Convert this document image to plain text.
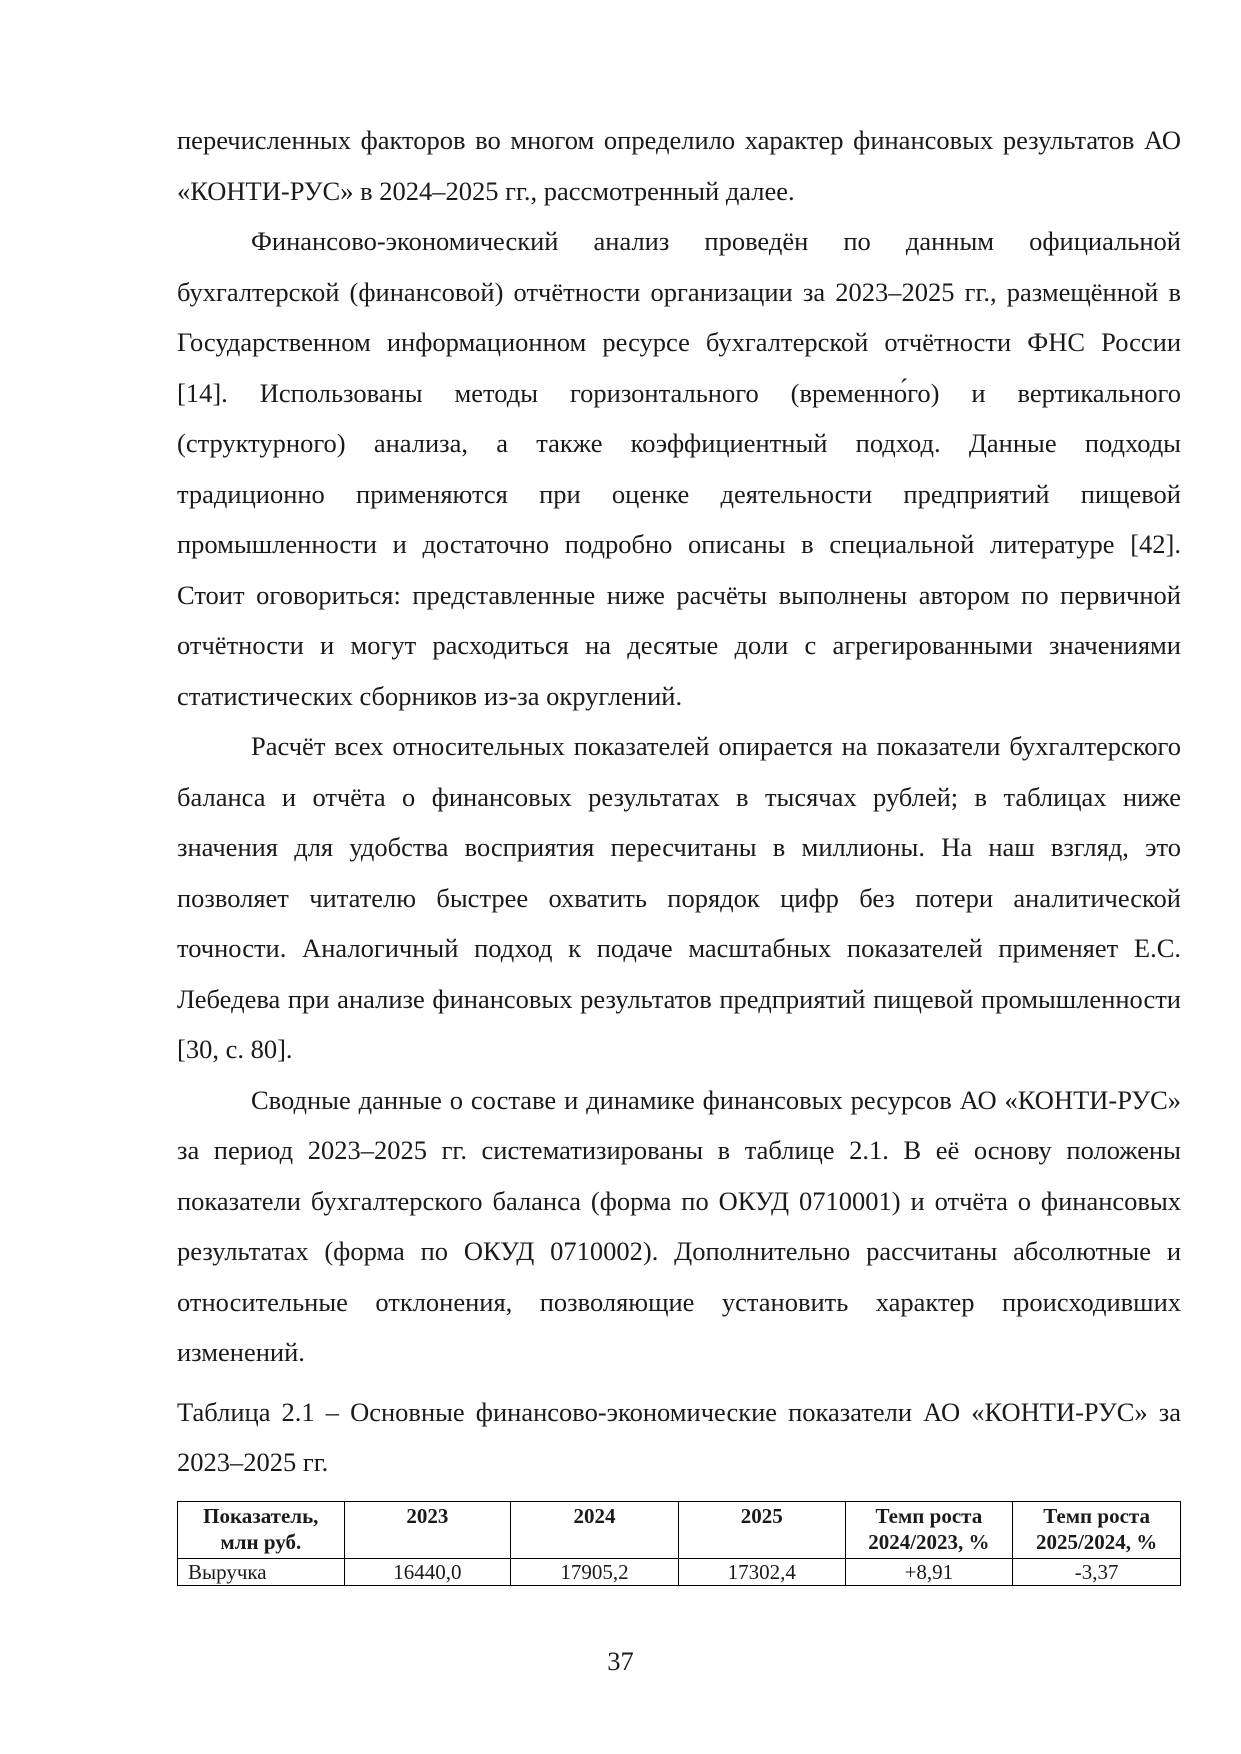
перечисленных факторов во многом определило характер финансовых результатов АО «КОНТИ-РУС» в 2024–2025 гг., рассмотренный далее.

Финансово-экономический анализ проведён по данным официальной бухгалтерской (финансовой) отчётности организации за 2023–2025 гг., размещённой в Государственном информационном ресурсе бухгалтерской отчётности ФНС России [14]. Использованы методы горизонтального (временно́го) и вертикального (структурного) анализа, а также коэффициентный подход. Данные подходы традиционно применяются при оценке деятельности предприятий пищевой промышленности и достаточно подробно описаны в специальной литературе [42]. Стоит оговориться: представленные ниже расчёты выполнены автором по первичной отчётности и могут расходиться на десятые доли с агрегированными значениями статистических сборников из-за округлений.

Расчёт всех относительных показателей опирается на показатели бухгалтерского баланса и отчёта о финансовых результатах в тысячах рублей; в таблицах ниже значения для удобства восприятия пересчитаны в миллионы. На наш взгляд, это позволяет читателю быстрее охватить порядок цифр без потери аналитической точности. Аналогичный подход к подаче масштабных показателей применяет Е.С. Лебедева при анализе финансовых результатов предприятий пищевой промышленности [30, с. 80].

Сводные данные о составе и динамике финансовых ресурсов АО «КОНТИ-РУС» за период 2023–2025 гг. систематизированы в таблице 2.1. В её основу положены показатели бухгалтерского баланса (форма по ОКУД 0710001) и отчёта о финансовых результатах (форма по ОКУД 0710002). Дополнительно рассчитаны абсолютные и относительные отклонения, позволяющие установить характер происходивших изменений.

Таблица 2.1 – Основные финансово-экономические показатели АО «КОНТИ-РУС» за 2023–2025 гг.

Показатель, млн руб.	2023	2024	2025	Темп роста 2024/2023, %	Темп роста 2025/2024, %
Выручка	16440,0	17905,2	17302,4	+8,91	-3,37
37
